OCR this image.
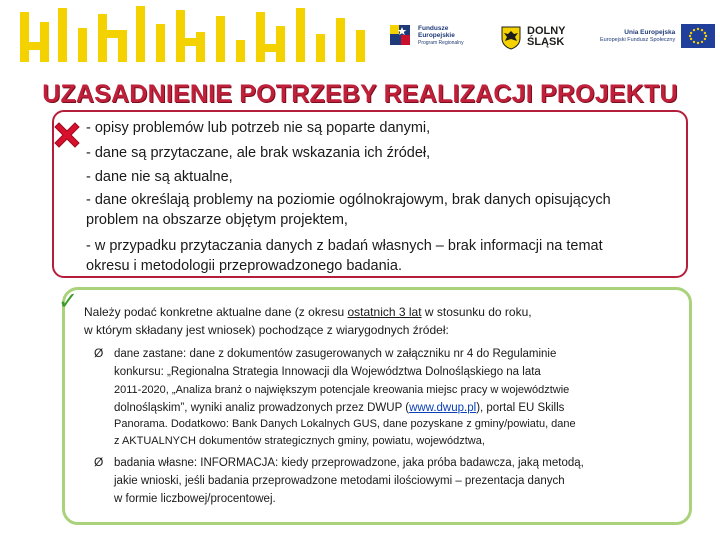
Fundusze
Europejskie
Program Regionalny
DOLNY
ŚLĄSK
Unia Europejska
Europejski Fundusz Społeczny
UZASADNIENIE POTRZEBY REALIZACJI PROJEKTU
- opisy problemów lub potrzeb nie są poparte danymi,
- dane są przytaczane, ale brak wskazania ich źródeł,
- dane nie są aktualne,
- dane określają problemy na poziomie ogólnokrajowym, brak danych opisujących
problem na obszarze objętym projektem,
- w przypadku przytaczania danych z badań własnych – brak informacji na temat
okresu i metodologii przeprowadzonego badania.
✓ Należy podać konkretne aktualne dane (z okresu ostatnich 3 lat w stosunku do roku,
w którym składany jest wniosek) pochodzące z wiarygodnych źródeł:
Ø dane zastane: dane z dokumentów zasugerowanych w załączniku nr 4 do Regulaminie
konkursu: „Regionalna Strategia Innowacji dla Województwa Dolnośląskiego na lata
2011-2020, „Analiza branż o największym potencjale kreowania miejsc pracy w województwie
dolnośląskim”, wyniki analiz prowadzonych przez DWUP (www.dwup.pl), portal EU Skills
Panorama. Dodatkowo: Bank Danych Lokalnych GUS, dane pozyskane z gminy/powiatu, dane
z AKTUALNYCH dokumentów strategicznych gminy, powiatu, województwa,
Ø badania własne: INFORMACJA: kiedy przeprowadzone, jaka próba badawcza, jaką metodą,
jakie wnioski, jeśli badania przeprowadzone metodami ilościowymi – prezentacja danych
w formie liczbowej/procentowej.
